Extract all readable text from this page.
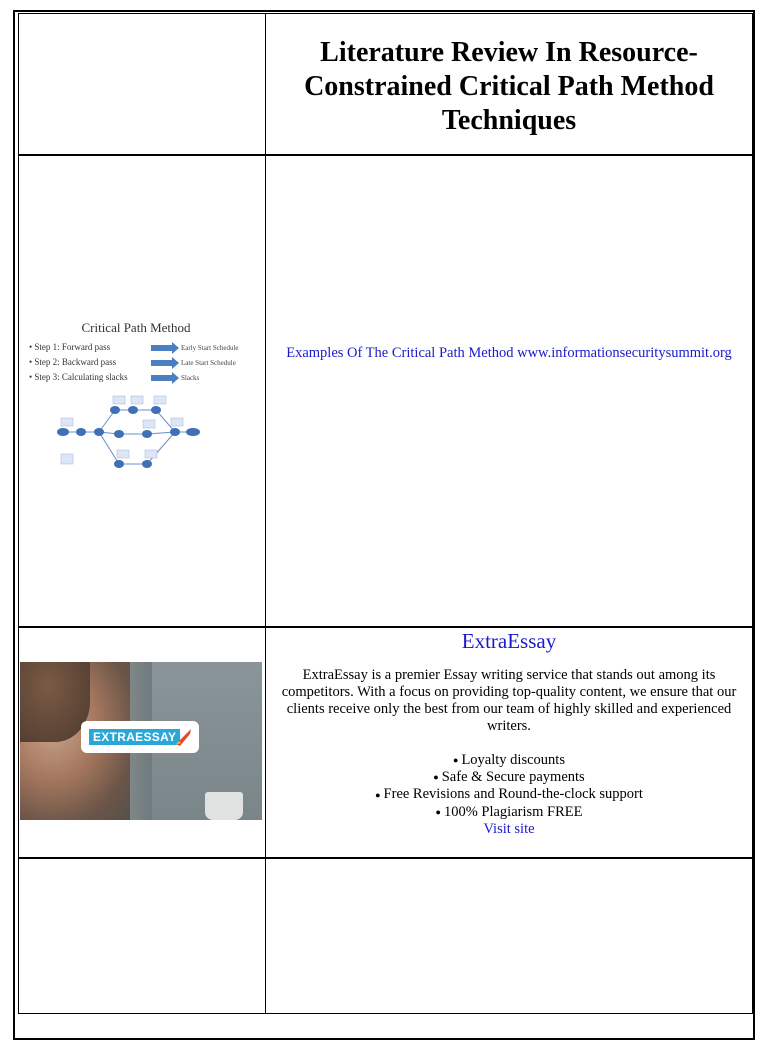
Literature Review In Resource-Constrained Critical Path Method Techniques
Critical Path Method
• Step 1: Forward pass	Early Start Schedule
• Step 2: Backward pass	Late Start Schedule
• Step 3: Calculating slacks	Slacks
Examples Of The Critical Path Method www.informationsecuritysummit.org
EXTRAESSAY
ExtraEssay
ExtraEssay is a premier Essay writing service that stands out among its competitors. With a focus on providing top-quality content, we ensure that our clients receive only the best from our team of highly skilled and experienced writers.
● Loyalty discounts
● Safe & Secure payments
● Free Revisions and Round-the-clock support
● 100% Plagiarism FREE
Visit site
